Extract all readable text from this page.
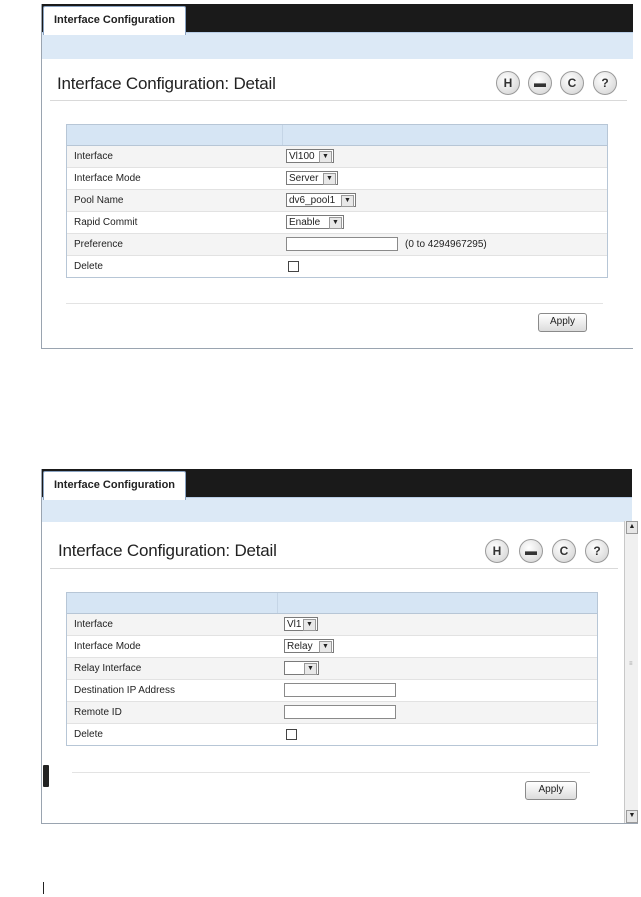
Interface Configuration
Interface Configuration: Detail	H ▬ C ?
Interface	Vl100	▼
Interface Mode	Server	▼
Pool Name	dv6_pool1	▼
Rapid Commit	Enable	▼
Preference	(0 to 4294967295)
Delete
Apply
Interface Configuration
Interface Configuration: Detail	H ▬ C ?
Interface	Vl1 ▼
Interface Mode	Relay	▼
Relay Interface	▼
Destination IP Address
Remote ID
Delete
Apply
▲
≡
▼
